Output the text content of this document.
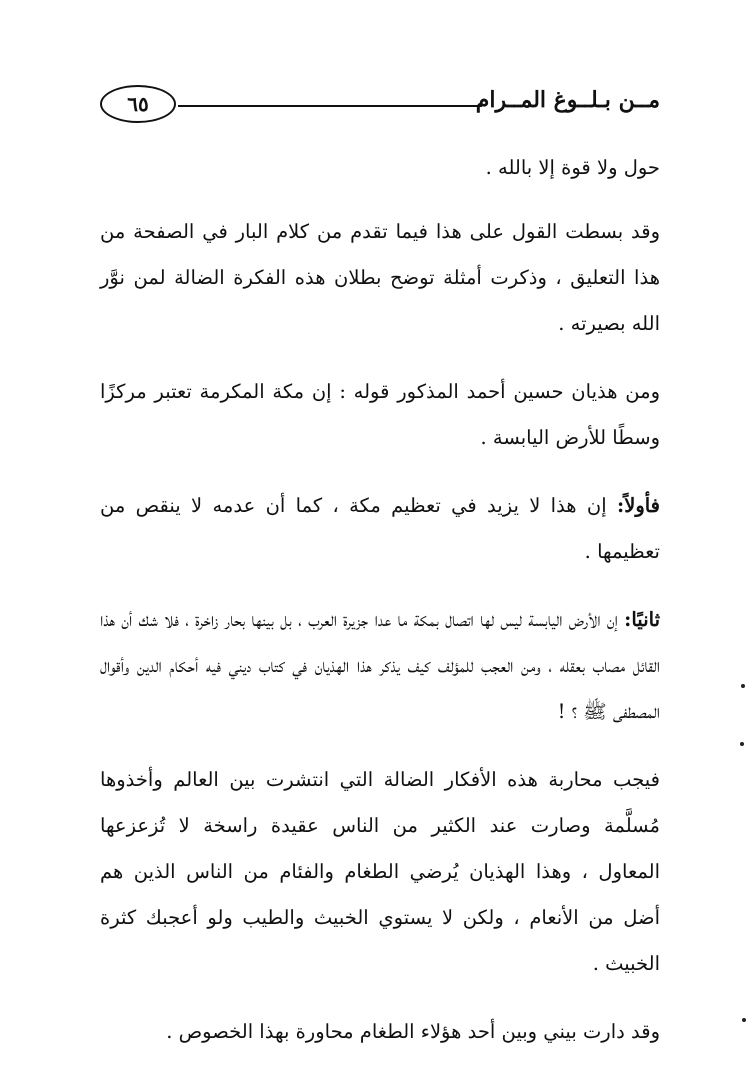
مــن بـلــوغ المــرام
٦٥

حول ولا قوة إلا بالله .

وقد بسطت القول على هذا فيما تقدم من كلام البار في الصفحة من هذا التعليق ، وذكرت أمثلة توضح بطلان هذه الفكرة الضالة لمن نوَّر الله بصيرته .

ومن هذيان حسين أحمد المذكور قوله : إن مكة المكرمة تعتبر مركزًا وسطًا للأرض اليابسة .

فأولاً: إن هذا لا يزيد في تعظيم مكة ، كما أن عدمه لا ينقص من تعظيمها .

ثانيًا: إن الأرض اليابسة ليس لها اتصال بمكة ما عدا جزيرة العرب ، بل بينها بحار زاخرة ، فلا شك أن هذا القائل مصاب بعقله ، ومن العجب للمؤلف كيف يذكر هذا الهذيان في كتاب ديني فيه أحكام الدين وأقوال المصطفى ﷺ ؟ !

فيجب محاربة هذه الأفكار الضالة التي انتشرت بين العالم وأخذوها مُسلَّمة وصارت عند الكثير من الناس عقيدة راسخة لا تُزعزعها المعاول ، وهذا الهذيان يُرضي الطغام والفئام من الناس الذين هم أضل من الأنعام ، ولكن لا يستوي الخبيث والطيب ولو أعجبك كثرة الخبيث .

وقد دارت بيني وبين أحد هؤلاء الطغام محاورة بهذا الخصوص .
